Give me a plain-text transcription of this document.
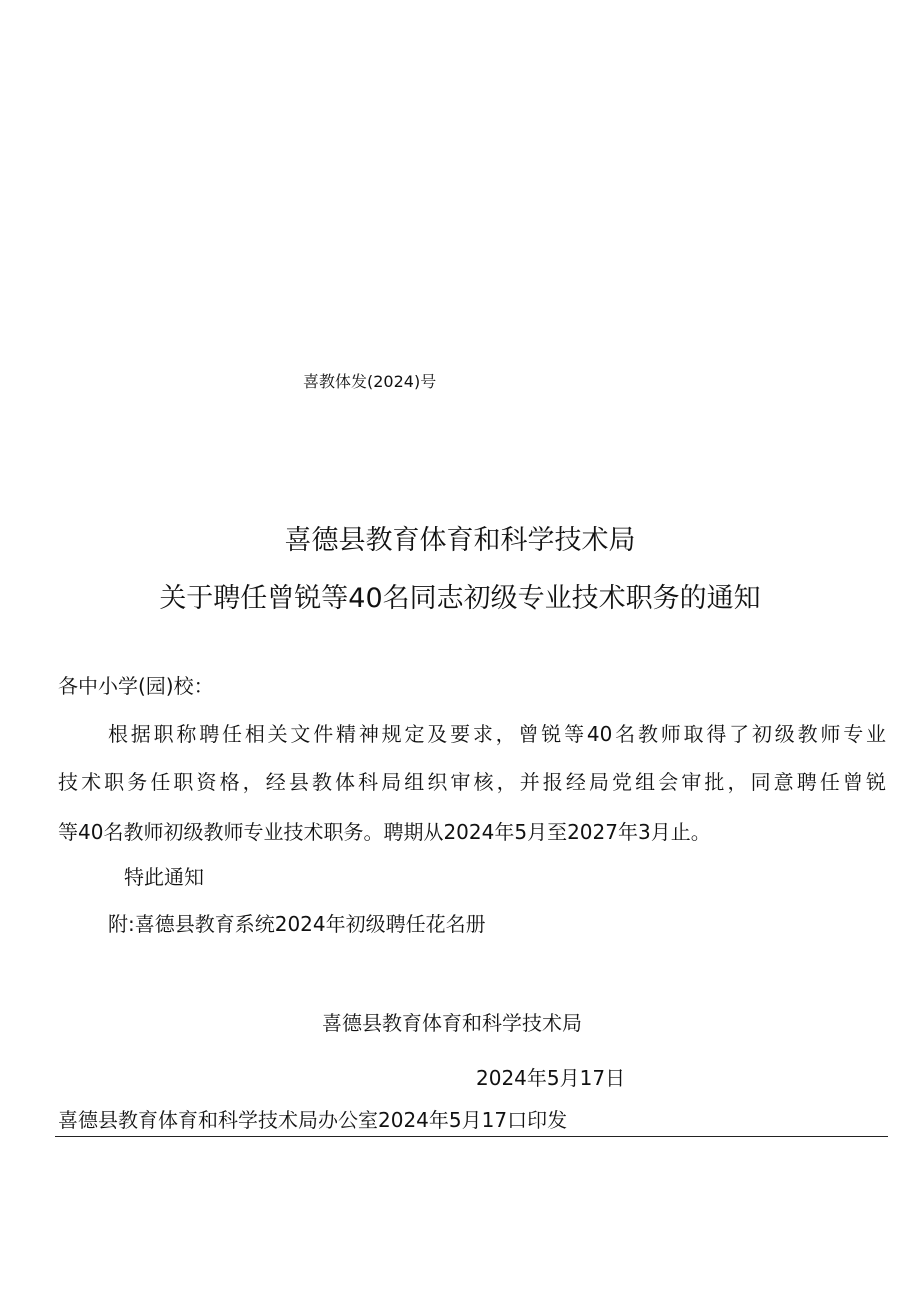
喜教体发(2024)号
喜德县教育体育和科学技术局
关于聘任曾锐等40名同志初级专业技术职务的通知
各中小学(园)校：
根据职称聘任相关文件精神规定及要求，曾锐等40名教师取得了初级教师专业
技术职务任职资格，经县教体科局组织审核，并报经局党组会审批，同意聘任曾锐
等40名教师初级教师专业技术职务。聘期从2024年5月至2027年3月止。
特此通知
附:喜德县教育系统2024年初级聘任花名册
喜德县教育体育和科学技术局
2024年5月17日
喜德县教育体育和科学技术局办公室2024年5月17口印发
